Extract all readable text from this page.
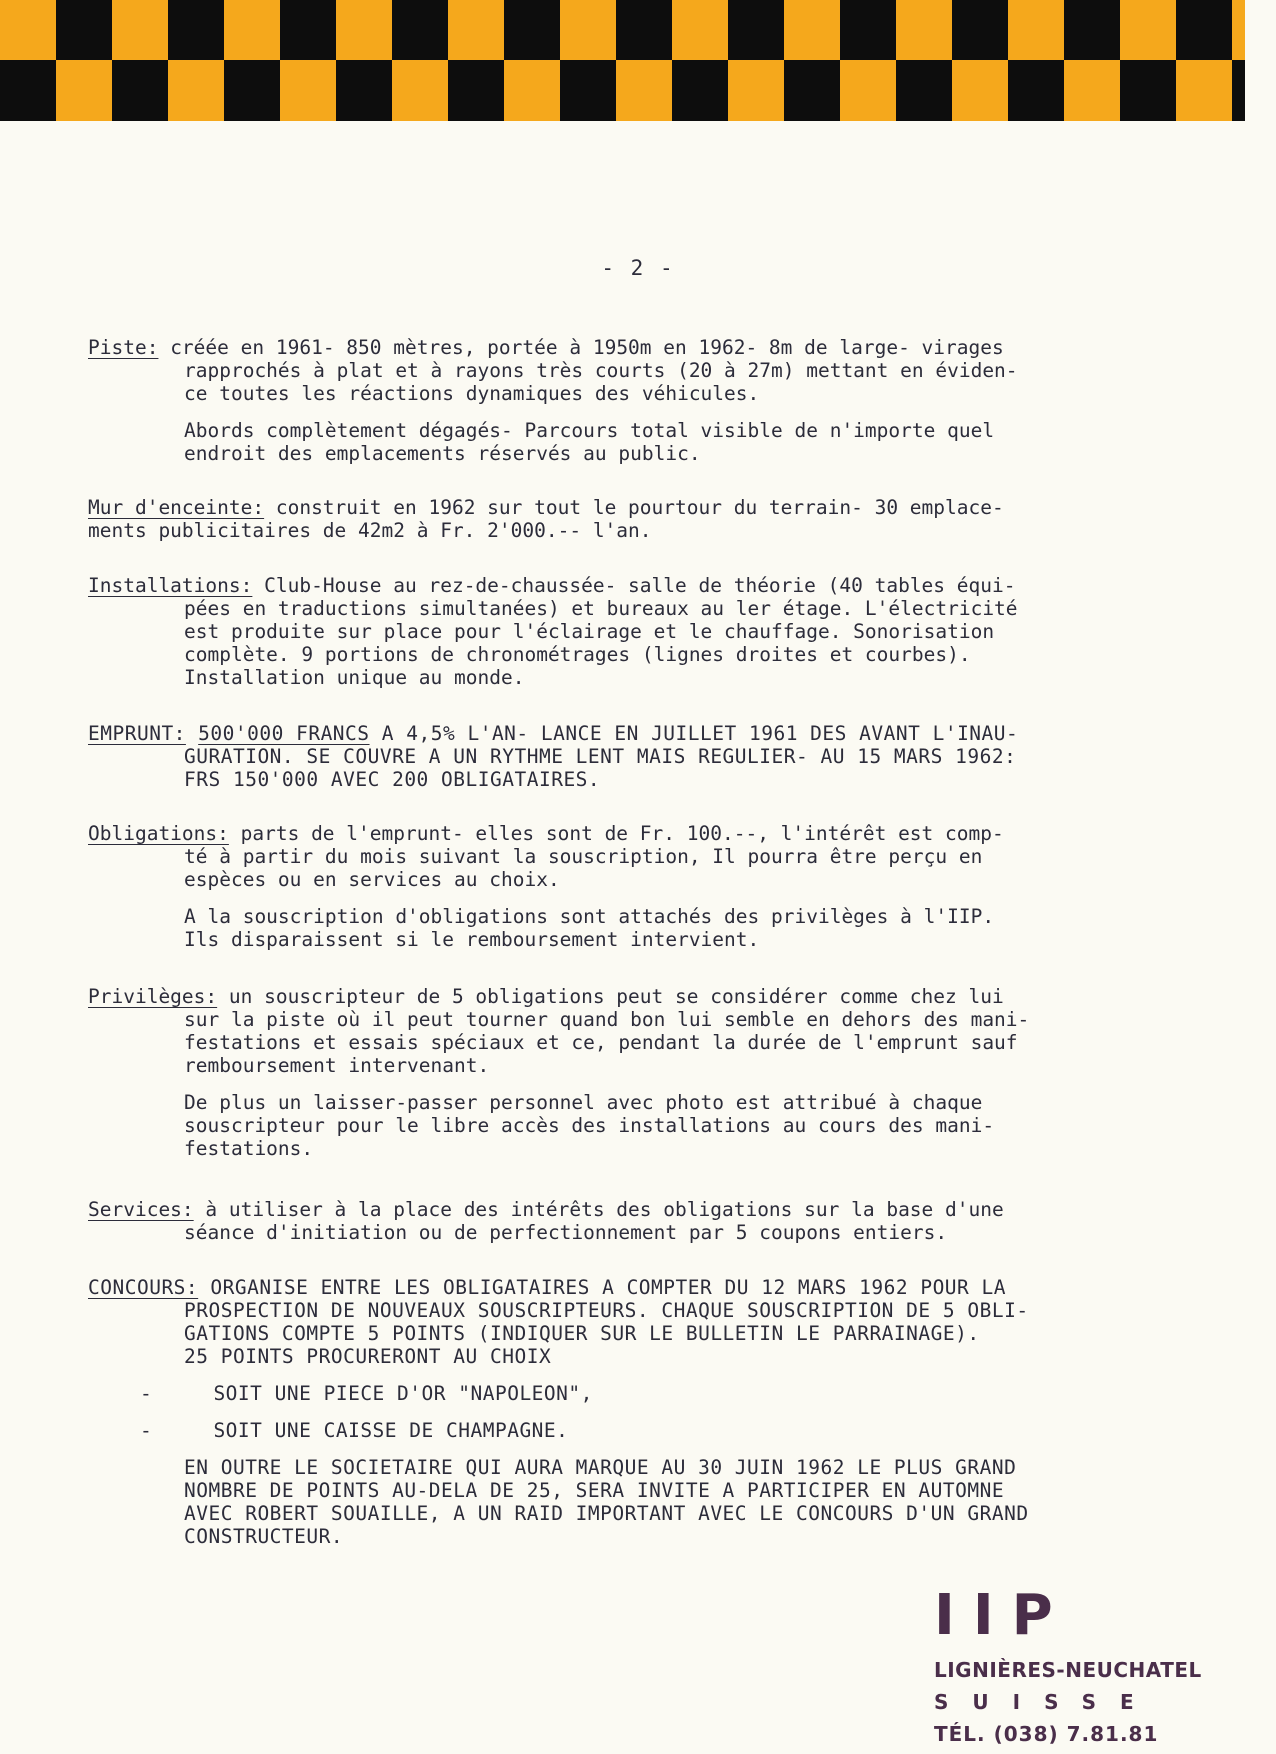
- 2 -
Piste: créée en 1961- 850 mètres, portée à 1950m en 1962- 8m de large- virages
rapprochés à plat et à rayons très courts (20 à 27m) mettant en éviden-
ce toutes les réactions dynamiques des véhicules.
Abords complètement dégagés- Parcours total visible de n'importe quel
endroit des emplacements réservés au public.
Mur d'enceinte: construit en 1962 sur tout le pourtour du terrain- 30 emplace-
ments publicitaires de 42m2 à Fr. 2'000.-- l'an.
Installations: Club-House au rez-de-chaussée- salle de théorie (40 tables équi-
pées en traductions simultanées) et bureaux au ler étage. L'électricité
est produite sur place pour l'éclairage et le chauffage. Sonorisation
complète. 9 portions de chronométrages (lignes droites et courbes).
Installation unique au monde.
EMPRUNT: 500'000 FRANCS A 4,5% L'AN- LANCE EN JUILLET 1961 DES AVANT L'INAU-
GURATION. SE COUVRE A UN RYTHME LENT MAIS REGULIER- AU 15 MARS 1962:
FRS 150'000 AVEC 200 OBLIGATAIRES.
Obligations: parts de l'emprunt- elles sont de Fr. 100.--, l'intérêt est comp-
té à partir du mois suivant la souscription, Il pourra être perçu en
espèces ou en services au choix.
A la souscription d'obligations sont attachés des privilèges à l'IIP.
Ils disparaissent si le remboursement intervient.
Privilèges: un souscripteur de 5 obligations peut se considérer comme chez lui
sur la piste où il peut tourner quand bon lui semble en dehors des mani-
festations et essais spéciaux et ce, pendant la durée de l'emprunt sauf
remboursement intervenant.
De plus un laisser-passer personnel avec photo est attribué à chaque
souscripteur pour le libre accès des installations au cours des mani-
festations.
Services: à utiliser à la place des intérêts des obligations sur la base d'une
séance d'initiation ou de perfectionnement par 5 coupons entiers.
CONCOURS: ORGANISE ENTRE LES OBLIGATAIRES A COMPTER DU 12 MARS 1962 POUR LA
PROSPECTION DE NOUVEAUX SOUSCRIPTEURS. CHAQUE SOUSCRIPTION DE 5 OBLI-
GATIONS COMPTE 5 POINTS (INDIQUER SUR LE BULLETIN LE PARRAINAGE).
25 POINTS PROCURERONT AU CHOIX
-     SOIT UNE PIECE D'OR "NAPOLEON",
-     SOIT UNE CAISSE DE CHAMPAGNE.
EN OUTRE LE SOCIETAIRE QUI AURA MARQUE AU 30 JUIN 1962 LE PLUS GRAND
NOMBRE DE POINTS AU-DELA DE 25, SERA INVITE A PARTICIPER EN AUTOMNE
AVEC ROBERT SOUAILLE, A UN RAID IMPORTANT AVEC LE CONCOURS D'UN GRAND
CONSTRUCTEUR.
IIP
LIGNIÈRES-NEUCHATEL
SUISSE
TÉL. (038) 7.81.81
